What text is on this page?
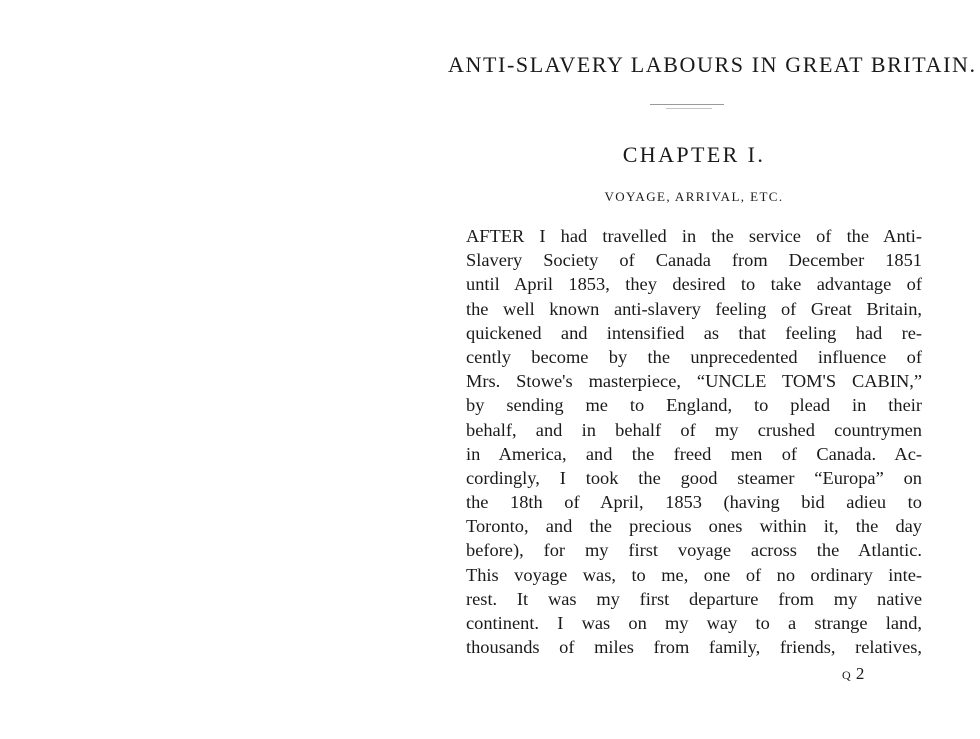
ANTI-SLAVERY LABOURS IN GREAT BRITAIN.
CHAPTER I.
VOYAGE, ARRIVAL, ETC.
AFTER I had travelled in the service of the Anti-
Slavery Society of Canada from December 1851
until April 1853, they desired to take advantage of
the well known anti-slavery feeling of Great Britain,
quickened and intensified as that feeling had re-
cently become by the unprecedented influence of
Mrs. Stowe's masterpiece, “UNCLE TOM'S CABIN,”
by sending me to England, to plead in their
behalf, and in behalf of my crushed countrymen
in America, and the freed men of Canada. Ac-
cordingly, I took the good steamer “Europa” on
the 18th of April, 1853 (having bid adieu to
Toronto, and the precious ones within it, the day
before), for my first voyage across the Atlantic.
This voyage was, to me, one of no ordinary inte-
rest. It was my first departure from my native
continent. I was on my way to a strange land,
thousands of miles from family, friends, relatives,
Q 2
